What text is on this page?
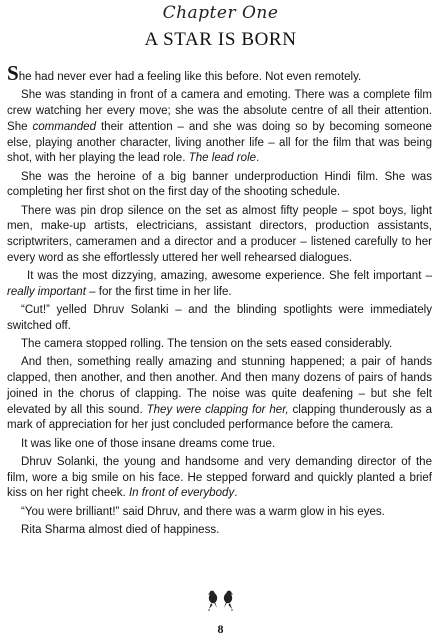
Chapter One
A STAR IS BORN

She had never ever had a feeling like this before. Not even remotely.

She was standing in front of a camera and emoting. There was a complete film crew watching her every move; she was the absolute centre of all their attention. She commanded their attention – and she was doing so by becoming someone else, playing another character, living another life – all for the film that was being shot, with her playing the lead role. The lead role.

She was the heroine of a big banner underproduction Hindi film. She was completing her first shot on the first day of the shooting schedule.

There was pin drop silence on the set as almost fifty people – spot boys, light men, make-up artists, electricians, assistant directors, production assistants, scriptwriters, cameramen and a director and a producer – listened carefully to her every word as she effortlessly uttered her well rehearsed dialogues.

It was the most dizzying, amazing, awesome experience. She felt important – really important – for the first time in her life.

“Cut!” yelled Dhruv Solanki – and the blinding spotlights were immediately switched off.

The camera stopped rolling. The tension on the sets eased considerably.

And then, something really amazing and stunning happened; a pair of hands clapped, then another, and then another. And then many dozens of pairs of hands joined in the chorus of clapping. The noise was quite deafening – but she felt elevated by all this sound. They were clapping for her, clapping thunderously as a mark of appreciation for her just concluded performance before the camera.

It was like one of those insane dreams come true.

Dhruv Solanki, the young and handsome and very demanding director of the film, wore a big smile on his face. He stepped forward and quickly planted a brief kiss on her right cheek. In front of everybody.

“You were brilliant!” said Dhruv, and there was a warm glow in his eyes.

Rita Sharma almost died of happiness.

8
